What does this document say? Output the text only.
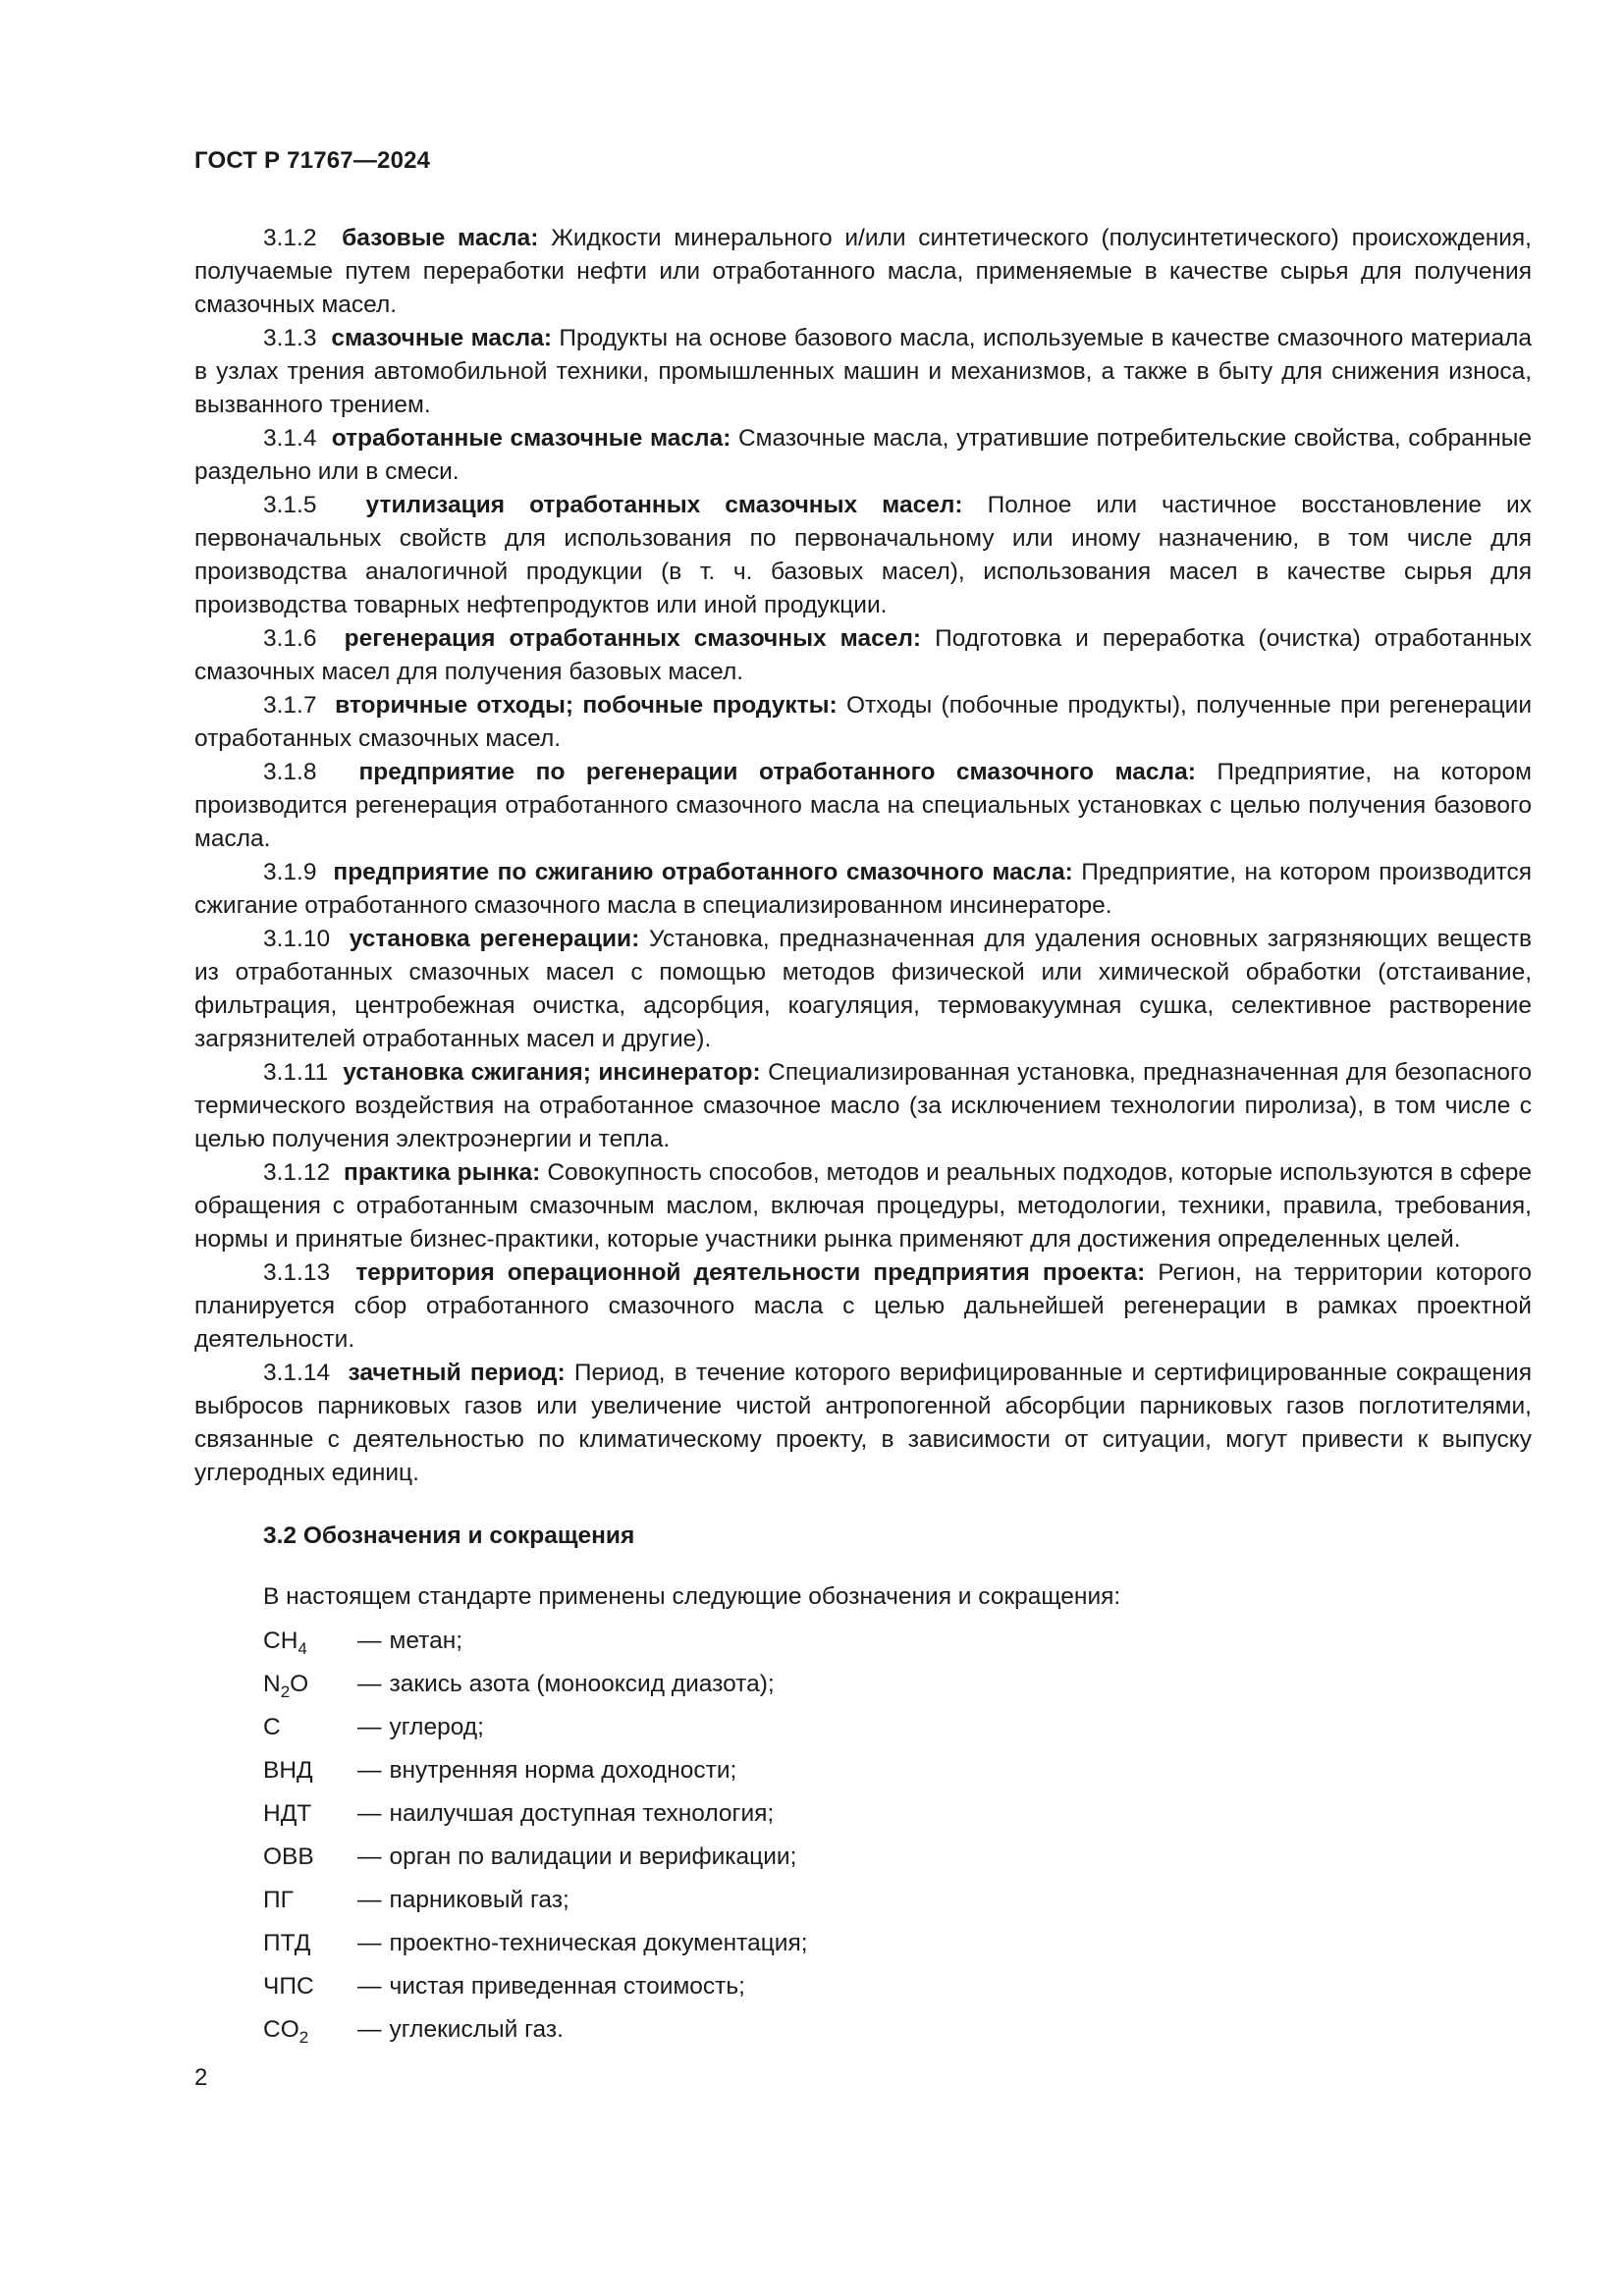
ГОСТ Р 71767—2024

3.1.2 базовые масла: Жидкости минерального и/или синтетического (полусинтетического) происхождения, получаемые путем переработки нефти или отработанного масла, применяемые в качестве сырья для получения смазочных масел.

3.1.3 смазочные масла: Продукты на основе базового масла, используемые в качестве смазочного материала в узлах трения автомобильной техники, промышленных машин и механизмов, а также в быту для снижения износа, вызванного трением.

3.1.4 отработанные смазочные масла: Смазочные масла, утратившие потребительские свойства, собранные раздельно или в смеси.

3.1.5 утилизация отработанных смазочных масел: Полное или частичное восстановление их первоначальных свойств для использования по первоначальному или иному назначению, в том числе для производства аналогичной продукции (в т. ч. базовых масел), использования масел в качестве сырья для производства товарных нефтепродуктов или иной продукции.

3.1.6 регенерация отработанных смазочных масел: Подготовка и переработка (очистка) отработанных смазочных масел для получения базовых масел.

3.1.7 вторичные отходы; побочные продукты: Отходы (побочные продукты), полученные при регенерации отработанных смазочных масел.

3.1.8 предприятие по регенерации отработанного смазочного масла: Предприятие, на котором производится регенерация отработанного смазочного масла на специальных установках с целью получения базового масла.

3.1.9 предприятие по сжиганию отработанного смазочного масла: Предприятие, на котором производится сжигание отработанного смазочного масла в специализированном инсинераторе.

3.1.10 установка регенерации: Установка, предназначенная для удаления основных загрязняющих веществ из отработанных смазочных масел с помощью методов физической или химической обработки (отстаивание, фильтрация, центробежная очистка, адсорбция, коагуляция, термовакуумная сушка, селективное растворение загрязнителей отработанных масел и другие).

3.1.11 установка сжигания; инсинератор: Специализированная установка, предназначенная для безопасного термического воздействия на отработанное смазочное масло (за исключением технологии пиролиза), в том числе с целью получения электроэнергии и тепла.

3.1.12 практика рынка: Совокупность способов, методов и реальных подходов, которые используются в сфере обращения с отработанным смазочным маслом, включая процедуры, методологии, техники, правила, требования, нормы и принятые бизнес-практики, которые участники рынка применяют для достижения определенных целей.

3.1.13 территория операционной деятельности предприятия проекта: Регион, на территории которого планируется сбор отработанного смазочного масла с целью дальнейшей регенерации в рамках проектной деятельности.

3.1.14 зачетный период: Период, в течение которого верифицированные и сертифицированные сокращения выбросов парниковых газов или увеличение чистой антропогенной абсорбции парниковых газов поглотителями, связанные с деятельностью по климатическому проекту, в зависимости от ситуации, могут привести к выпуску углеродных единиц.

3.2 Обозначения и сокращения

В настоящем стандарте применены следующие обозначения и сокращения:

$CH_4$	— метан;
$N_2O$	— закись азота (монооксид диазота);
C	— углерод;
ВНД	— внутренняя норма доходности;
НДТ	— наилучшая доступная технология;
ОВВ	— орган по валидации и верификации;
ПГ	— парниковый газ;
ПТД	— проектно-техническая документация;
ЧПС	— чистая приведенная стоимость;
$CO_2$	— углекислый газ.
2
